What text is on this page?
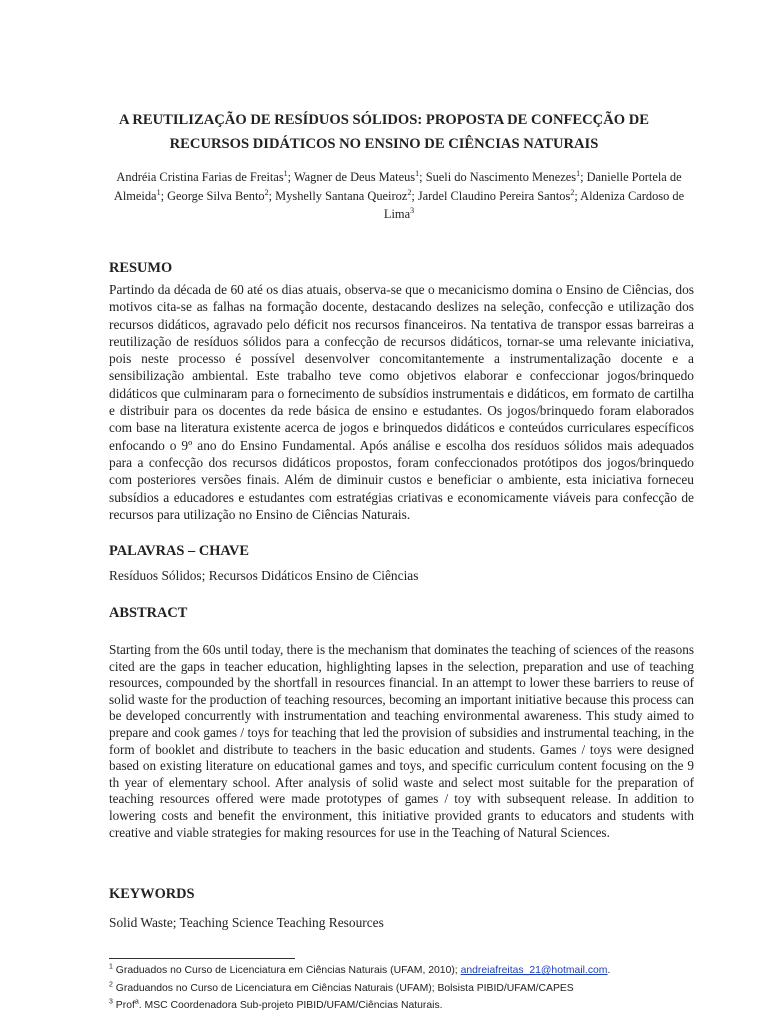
A REUTILIZAÇÃO DE RESÍDUOS SÓLIDOS: PROPOSTA DE CONFECÇÃO DE
RECURSOS DIDÁTICOS NO ENSINO DE CIÊNCIAS NATURAIS
Andréia Cristina Farias de Freitas$^1$; Wagner de Deus Mateus$^1$; Sueli do Nascimento Menezes$^1$; Danielle Portela de Almeida$^1$; George Silva Bento$^2$; Myshelly Santana Queiroz$^2$; Jardel Claudino Pereira Santos$^2$; Aldeniza Cardoso de Lima$^3$
RESUMO

Partindo da década de 60 até os dias atuais, observa-se que o mecanicismo domina o Ensino de Ciências, dos motivos cita-se as falhas na formação docente, destacando deslizes na seleção, confecção e utilização dos recursos didáticos, agravado pelo déficit nos recursos financeiros. Na tentativa de transpor essas barreiras a reutilização de resíduos sólidos para a confecção de recursos didáticos, tornar-se uma relevante iniciativa, pois neste processo é possível desenvolver concomitantemente a instrumentalização docente e a sensibilização ambiental. Este trabalho teve como objetivos elaborar e confeccionar jogos/brinquedo didáticos que culminaram para o fornecimento de subsídios instrumentais e didáticos, em formato de cartilha e distribuir para os docentes da rede básica de ensino e estudantes. Os jogos/brinquedo foram elaborados com base na literatura existente acerca de jogos e brinquedos didáticos e conteúdos curriculares específicos enfocando o 9º ano do Ensino Fundamental. Após análise e escolha dos resíduos sólidos mais adequados para a confecção dos recursos didáticos propostos, foram confeccionados protótipos dos jogos/brinquedo com posteriores versões finais. Além de diminuir custos e beneficiar o ambiente, esta iniciativa forneceu subsídios a educadores e estudantes com estratégias criativas e economicamente viáveis para confecção de recursos para utilização no Ensino de Ciências Naturais.

PALAVRAS – CHAVE
Resíduos Sólidos; Recursos Didáticos Ensino de Ciências
ABSTRACT

Starting from the 60s until today, there is the mechanism that dominates the teaching of sciences of the reasons cited are the gaps in teacher education, highlighting lapses in the selection, preparation and use of teaching resources, compounded by the shortfall in resources financial. In an attempt to lower these barriers to reuse of solid waste for the production of teaching resources, becoming an important initiative because this process can be developed concurrently with instrumentation and teaching environmental awareness. This study aimed to prepare and cook games / toys for teaching that led the provision of subsidies and instrumental teaching, in the form of booklet and distribute to teachers in the basic education and students. Games / toys were designed based on existing literature on educational games and toys, and specific curriculum content focusing on the 9 th year of elementary school. After analysis of solid waste and select most suitable for the preparation of teaching resources offered were made prototypes of games / toy with subsequent release. In addition to lowering costs and benefit the environment, this initiative provided grants to educators and students with creative and viable strategies for making resources for use in the Teaching of Natural Sciences.

KEYWORDS
Solid Waste; Teaching Science Teaching Resources
$^1$ Graduados no Curso de Licenciatura em Ciências Naturais (UFAM, 2010); andreiafreitas_21@hotmail.com.
$^2$ Graduandos no Curso de Licenciatura em Ciências Naturais (UFAM); Bolsista PIBID/UFAM/CAPES
$^3$ Prof$^a$. MSC Coordenadora Sub-projeto PIBID/UFAM/Ciências Naturais.
